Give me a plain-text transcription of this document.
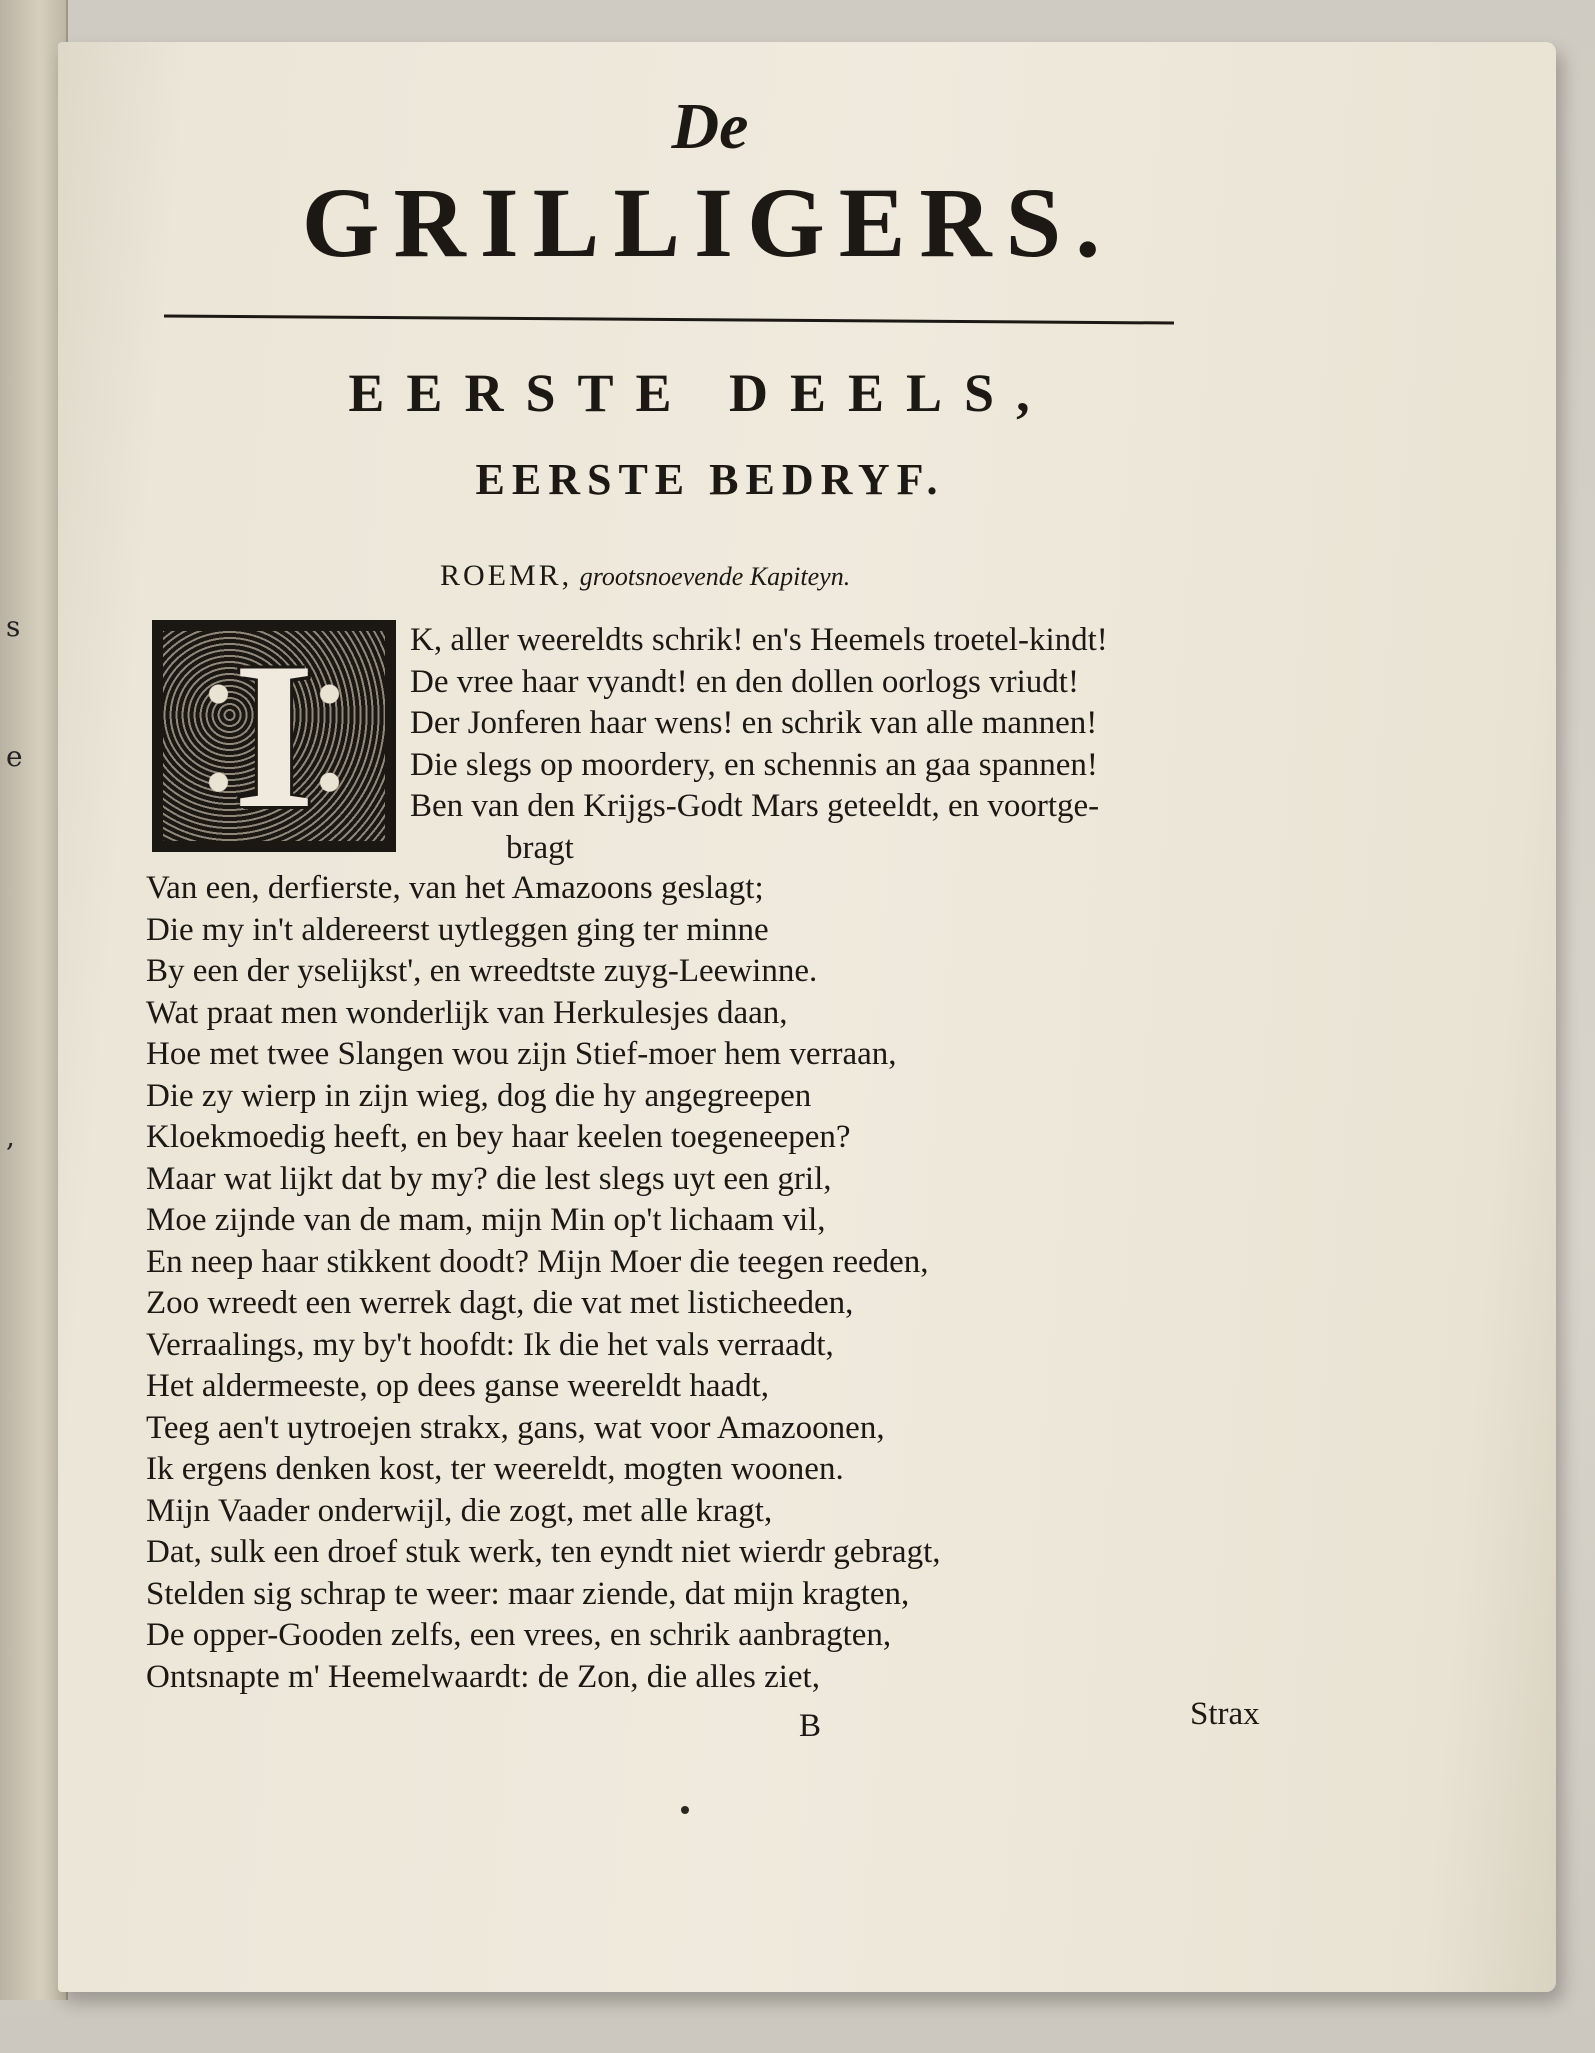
s
e
,
De
GRILLIGERS.
EERSTE DEELS,
EERSTE BEDRYF.
ROEMR, grootsnoevende Kapiteyn.
I	K, aller weereldts schrik! en's Heemels troetel-kindt!
De vree haar vyandt! en den dollen oorlogs vriudt!
Der Jonferen haar wens! en schrik van alle mannen!
Die slegs op moordery, en schennis an gaa spannen!
Ben van den Krijgs-Godt Mars geteeldt, en voortge-
bragt
Van een, derfierste, van het Amazoons geslagt;
Die my in't aldereerst uytleggen ging ter minne
By een der yselijkst', en wreedtste zuyg-Leewinne.
Wat praat men wonderlijk van Herkulesjes daan,
Hoe met twee Slangen wou zijn Stief-moer hem verraan,
Die zy wierp in zijn wieg, dog die hy angegreepen
Kloekmoedig heeft, en bey haar keelen toegeneepen?
Maar wat lijkt dat by my? die lest slegs uyt een gril,
Moe zijnde van de mam, mijn Min op't lichaam vil,
En neep haar stikkent doodt? Mijn Moer die teegen reeden,
Zoo wreedt een werrek dagt, die vat met listicheeden,
Verraalings, my by't hoofdt: Ik die het vals verraadt,
Het aldermeeste, op dees ganse weereldt haadt,
Teeg aen't uytroejen strakx, gans, wat voor Amazoonen,
Ik ergens denken kost, ter weereldt, mogten woonen.
Mijn Vaader onderwijl, die zogt, met alle kragt,
Dat, sulk een droef stuk werk, ten eyndt niet wierdr gebragt,
Stelden sig schrap te weer: maar ziende, dat mijn kragten,
De opper-Gooden zelfs, een vrees, en schrik aanbragten,
Ontsnapte m' Heemelwaardt: de Zon, die alles ziet,
B	Strax
